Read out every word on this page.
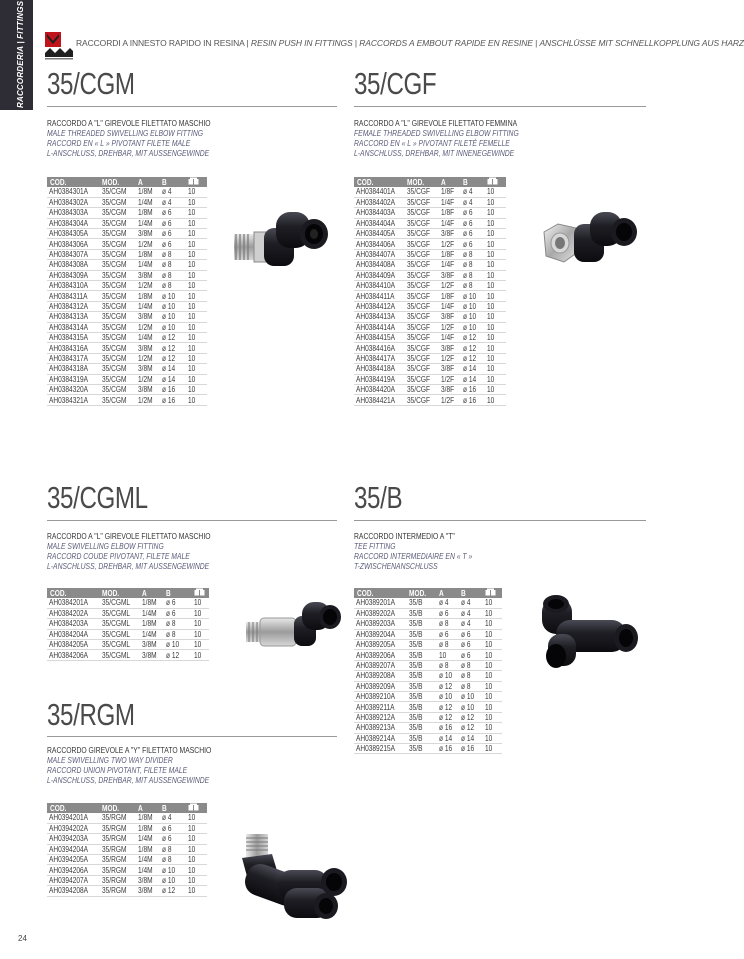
RACCORDERIA | FITTINGS	RACCORDI A INNESTO RAPIDO IN RESINA | RESIN PUSH IN FITTINGS | RACCORDS A EMBOUT RAPIDE EN RESINE | ANSCHLÜSSE MIT SCHNELLKOPPLUNG AUS HARZ
35/CGM
RACCORDO A "L" GIREVOLE FILETTATO MASCHIO
MALE THREADED SWIVELLING ELBOW FITTING
RACCORD EN « L » PIVOTANT FILETE MALE
L-ANSCHLUSS, DREHBAR, MIT AUSSENGEWINDE
COD.	MOD.	A	B	
AH0384301A	35/CGM	1/8M	ø 4	10
AH0384302A	35/CGM	1/4M	ø 4	10
AH0384303A	35/CGM	1/8M	ø 6	10
AH0384304A	35/CGM	1/4M	ø 6	10
AH0384305A	35/CGM	3/8M	ø 6	10
AH0384306A	35/CGM	1/2M	ø 6	10
AH0384307A	35/CGM	1/8M	ø 8	10
AH0384308A	35/CGM	1/4M	ø 8	10
AH0384309A	35/CGM	3/8M	ø 8	10
AH0384310A	35/CGM	1/2M	ø 8	10
AH0384311A	35/CGM	1/8M	ø 10	10
AH0384312A	35/CGM	1/4M	ø 10	10
AH0384313A	35/CGM	3/8M	ø 10	10
AH0384314A	35/CGM	1/2M	ø 10	10
AH0384315A	35/CGM	1/4M	ø 12	10
AH0384316A	35/CGM	3/8M	ø 12	10
AH0384317A	35/CGM	1/2M	ø 12	10
AH0384318A	35/CGM	3/8M	ø 14	10
AH0384319A	35/CGM	1/2M	ø 14	10
AH0384320A	35/CGM	3/8M	ø 16	10
AH0384321A	35/CGM	1/2M	ø 16	10
35/CGF
RACCORDO A "L" GIREVOLE FILETTATO FEMMINA
FEMALE THREADED SWIVELLING ELBOW FITTING
RACCORD EN « L » PIVOTANT FILETÉ FEMELLE
L-ANSCHLUSS, DREHBAR, MIT INNENEGEWINDE
COD.	MOD.	A	B	
AH0384401A	35/CGF	1/8F	ø 4	10
AH0384402A	35/CGF	1/4F	ø 4	10
AH0384403A	35/CGF	1/8F	ø 6	10
AH0384404A	35/CGF	1/4F	ø 6	10
AH0384405A	35/CGF	3/8F	ø 6	10
AH0384406A	35/CGF	1/2F	ø 6	10
AH0384407A	35/CGF	1/8F	ø 8	10
AH0384408A	35/CGF	1/4F	ø 8	10
AH0384409A	35/CGF	3/8F	ø 8	10
AH0384410A	35/CGF	1/2F	ø 8	10
AH0384411A	35/CGF	1/8F	ø 10	10
AH0384412A	35/CGF	1/4F	ø 10	10
AH0384413A	35/CGF	3/8F	ø 10	10
AH0384414A	35/CGF	1/2F	ø 10	10
AH0384415A	35/CGF	1/4F	ø 12	10
AH0384416A	35/CGF	3/8F	ø 12	10
AH0384417A	35/CGF	1/2F	ø 12	10
AH0384418A	35/CGF	3/8F	ø 14	10
AH0384419A	35/CGF	1/2F	ø 14	10
AH0384420A	35/CGF	3/8F	ø 16	10
AH0384421A	35/CGF	1/2F	ø 16	10
35/CGML
RACCORDO A "L" GIREVOLE FILETTATO MASCHIO
MALE SWIVELLING ELBOW FITTING
RACCORD COUDE PIVOTANT, FILETE MALE
L-ANSCHLUSS, DREHBAR, MIT AUSSENGEWINDE
COD.	MOD.	A	B	
AH0384201A	35/CGML	1/8M	ø 6	10
AH0384202A	35/CGML	1/4M	ø 6	10
AH0384203A	35/CGML	1/8M	ø 8	10
AH0384204A	35/CGML	1/4M	ø 8	10
AH0384205A	35/CGML	3/8M	ø 10	10
AH0384206A	35/CGML	3/8M	ø 12	10
35/B
RACCORDO INTERMEDIO A "T"
TEE FITTING
RACCORD INTERMEDIAIRE EN « T »
T-ZWISCHENANSCHLUSS
COD.	MOD.	A	B	
AH0389201A	35/B	ø 4	ø 4	10
AH0389202A	35/B	ø 6	ø 4	10
AH0389203A	35/B	ø 8	ø 4	10
AH0389204A	35/B	ø 6	ø 6	10
AH0389205A	35/B	ø 8	ø 6	10
AH0389206A	35/B	10	ø 6	10
AH0389207A	35/B	ø 8	ø 8	10
AH0389208A	35/B	ø 10	ø 8	10
AH0389209A	35/B	ø 12	ø 8	10
AH0389210A	35/B	ø 10	ø 10	10
AH0389211A	35/B	ø 12	ø 10	10
AH0389212A	35/B	ø 12	ø 12	10
AH0389213A	35/B	ø 16	ø 12	10
AH0389214A	35/B	ø 14	ø 14	10
AH0389215A	35/B	ø 16	ø 16	10
35/RGM
RACCORDO GIREVOLE A "Y" FILETTATO MASCHIO
MALE SWIVELLING TWO WAY DIVIDER
RACCORD UNION PIVOTANT, FILETE MALE
L-ANSCHLUSS, DREHBAR, MIT AUSSENGEWINDE
COD.	MOD.	A	B	
AH0394201A	35/RGM	1/8M	ø 4	10
AH0394202A	35/RGM	1/8M	ø 6	10
AH0394203A	35/RGM	1/4M	ø 6	10
AH0394204A	35/RGM	1/8M	ø 8	10
AH0394205A	35/RGM	1/4M	ø 8	10
AH0394206A	35/RGM	1/4M	ø 10	10
AH0394207A	35/RGM	3/8M	ø 10	10
AH0394208A	35/RGM	3/8M	ø 12	10
24
